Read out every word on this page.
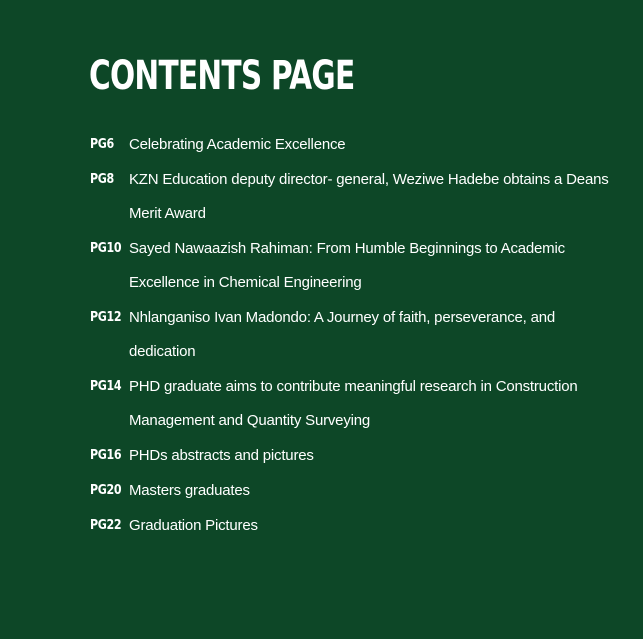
CONTENTS PAGE
PG6	Celebrating Academic Excellence
PG8	KZN Education deputy director- general, Weziwe Hadebe obtains a Deans Merit Award
PG10 Sayed Nawaazish Rahiman: From Humble Beginnings to Academic Excellence in Chemical Engineering
PG12 Nhlanganiso Ivan Madondo: A Journey of faith, perseverance, and dedication
PG14 PHD graduate aims to contribute meaningful research in Construction Management and Quantity Surveying
PG16 PHDs abstracts and pictures
PG20 Masters graduates
PG22 Graduation Pictures
